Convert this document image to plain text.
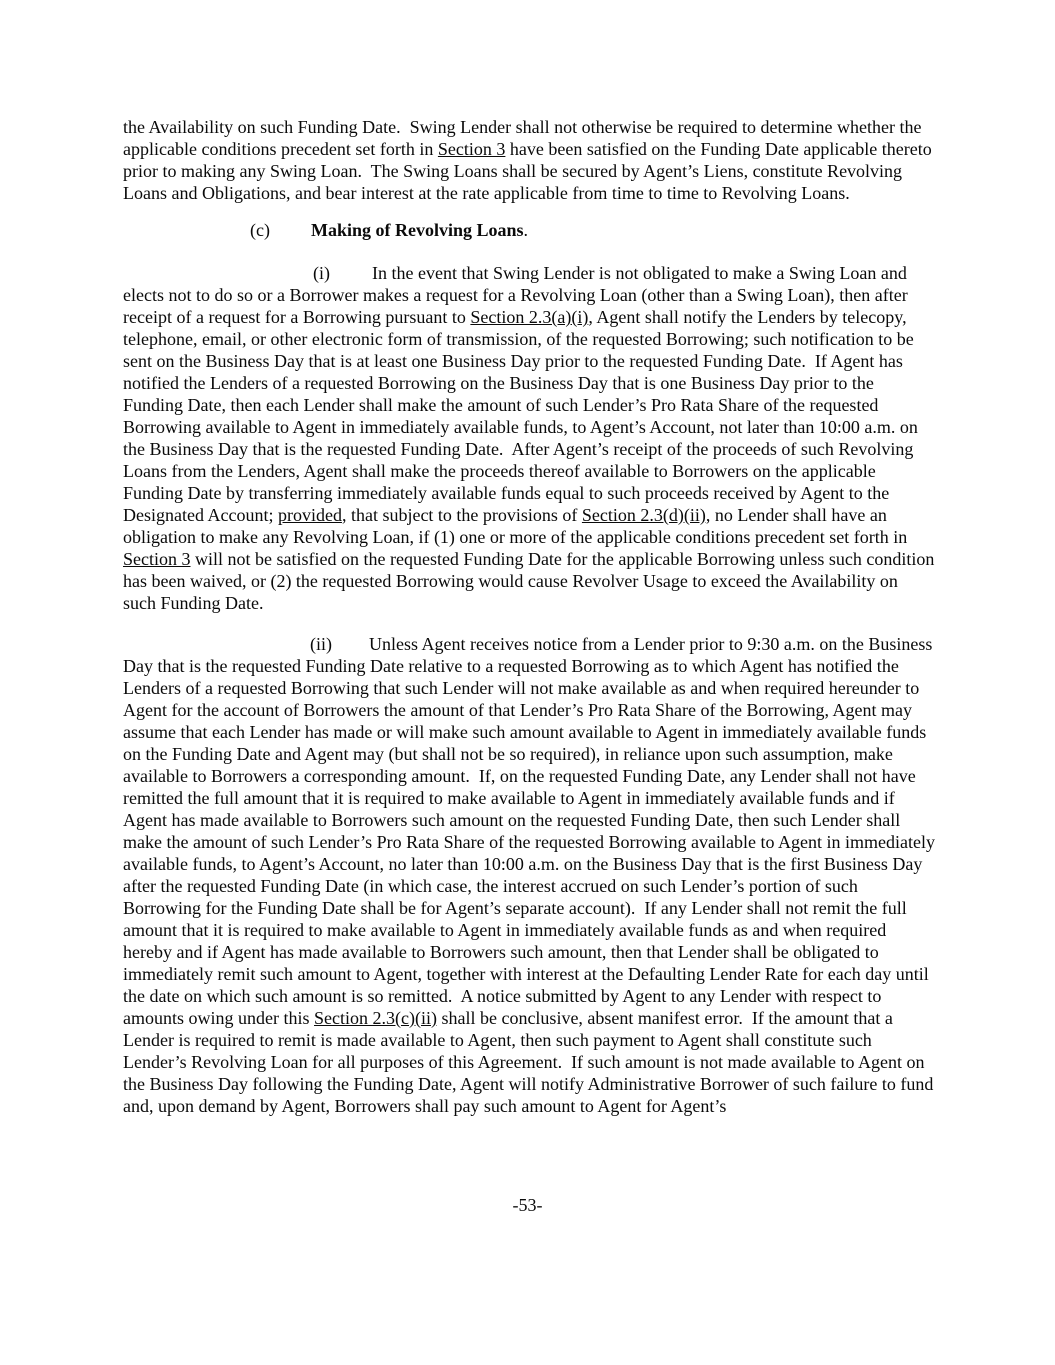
the Availability on such Funding Date.  Swing Lender shall not otherwise be required to determine whether the applicable conditions precedent set forth in Section 3 have been satisfied on the Funding Date applicable thereto prior to making any Swing Loan.  The Swing Loans shall be secured by Agent’s Liens, constitute Revolving Loans and Obligations, and bear interest at the rate applicable from time to time to Revolving Loans.

(c) Making of Revolving Loans.

(i) In the event that Swing Lender is not obligated to make a Swing Loan and elects not to do so or a Borrower makes a request for a Revolving Loan (other than a Swing Loan), then after receipt of a request for a Borrowing pursuant to Section 2.3(a)(i), Agent shall notify the Lenders by telecopy, telephone, email, or other electronic form of transmission, of the requested Borrowing; such notification to be sent on the Business Day that is at least one Business Day prior to the requested Funding Date.  If Agent has notified the Lenders of a requested Borrowing on the Business Day that is one Business Day prior to the Funding Date, then each Lender shall make the amount of such Lender’s Pro Rata Share of the requested Borrowing available to Agent in immediately available funds, to Agent’s Account, not later than 10:00 a.m. on the Business Day that is the requested Funding Date.  After Agent’s receipt of the proceeds of such Revolving Loans from the Lenders, Agent shall make the proceeds thereof available to Borrowers on the applicable Funding Date by transferring immediately available funds equal to such proceeds received by Agent to the Designated Account; provided, that subject to the provisions of Section 2.3(d)(ii), no Lender shall have an obligation to make any Revolving Loan, if (1) one or more of the applicable conditions precedent set forth in Section 3 will not be satisfied on the requested Funding Date for the applicable Borrowing unless such condition has been waived, or (2) the requested Borrowing would cause Revolver Usage to exceed the Availability on such Funding Date.

(ii) Unless Agent receives notice from a Lender prior to 9:30 a.m. on the Business Day that is the requested Funding Date relative to a requested Borrowing as to which Agent has notified the Lenders of a requested Borrowing that such Lender will not make available as and when required hereunder to Agent for the account of Borrowers the amount of that Lender’s Pro Rata Share of the Borrowing, Agent may assume that each Lender has made or will make such amount available to Agent in immediately available funds on the Funding Date and Agent may (but shall not be so required), in reliance upon such assumption, make available to Borrowers a corresponding amount.  If, on the requested Funding Date, any Lender shall not have remitted the full amount that it is required to make available to Agent in immediately available funds and if Agent has made available to Borrowers such amount on the requested Funding Date, then such Lender shall make the amount of such Lender’s Pro Rata Share of the requested Borrowing available to Agent in immediately available funds, to Agent’s Account, no later than 10:00 a.m. on the Business Day that is the first Business Day after the requested Funding Date (in which case, the interest accrued on such Lender’s portion of such Borrowing for the Funding Date shall be for Agent’s separate account).  If any Lender shall not remit the full amount that it is required to make available to Agent in immediately available funds as and when required hereby and if Agent has made available to Borrowers such amount, then that Lender shall be obligated to immediately remit such amount to Agent, together with interest at the Defaulting Lender Rate for each day until the date on which such amount is so remitted.  A notice submitted by Agent to any Lender with respect to amounts owing under this Section 2.3(c)(ii) shall be conclusive, absent manifest error.  If the amount that a Lender is required to remit is made available to Agent, then such payment to Agent shall constitute such Lender’s Revolving Loan for all purposes of this Agreement.  If such amount is not made available to Agent on the Business Day following the Funding Date, Agent will notify Administrative Borrower of such failure to fund and, upon demand by Agent, Borrowers shall pay such amount to Agent for Agent’s

-53-
